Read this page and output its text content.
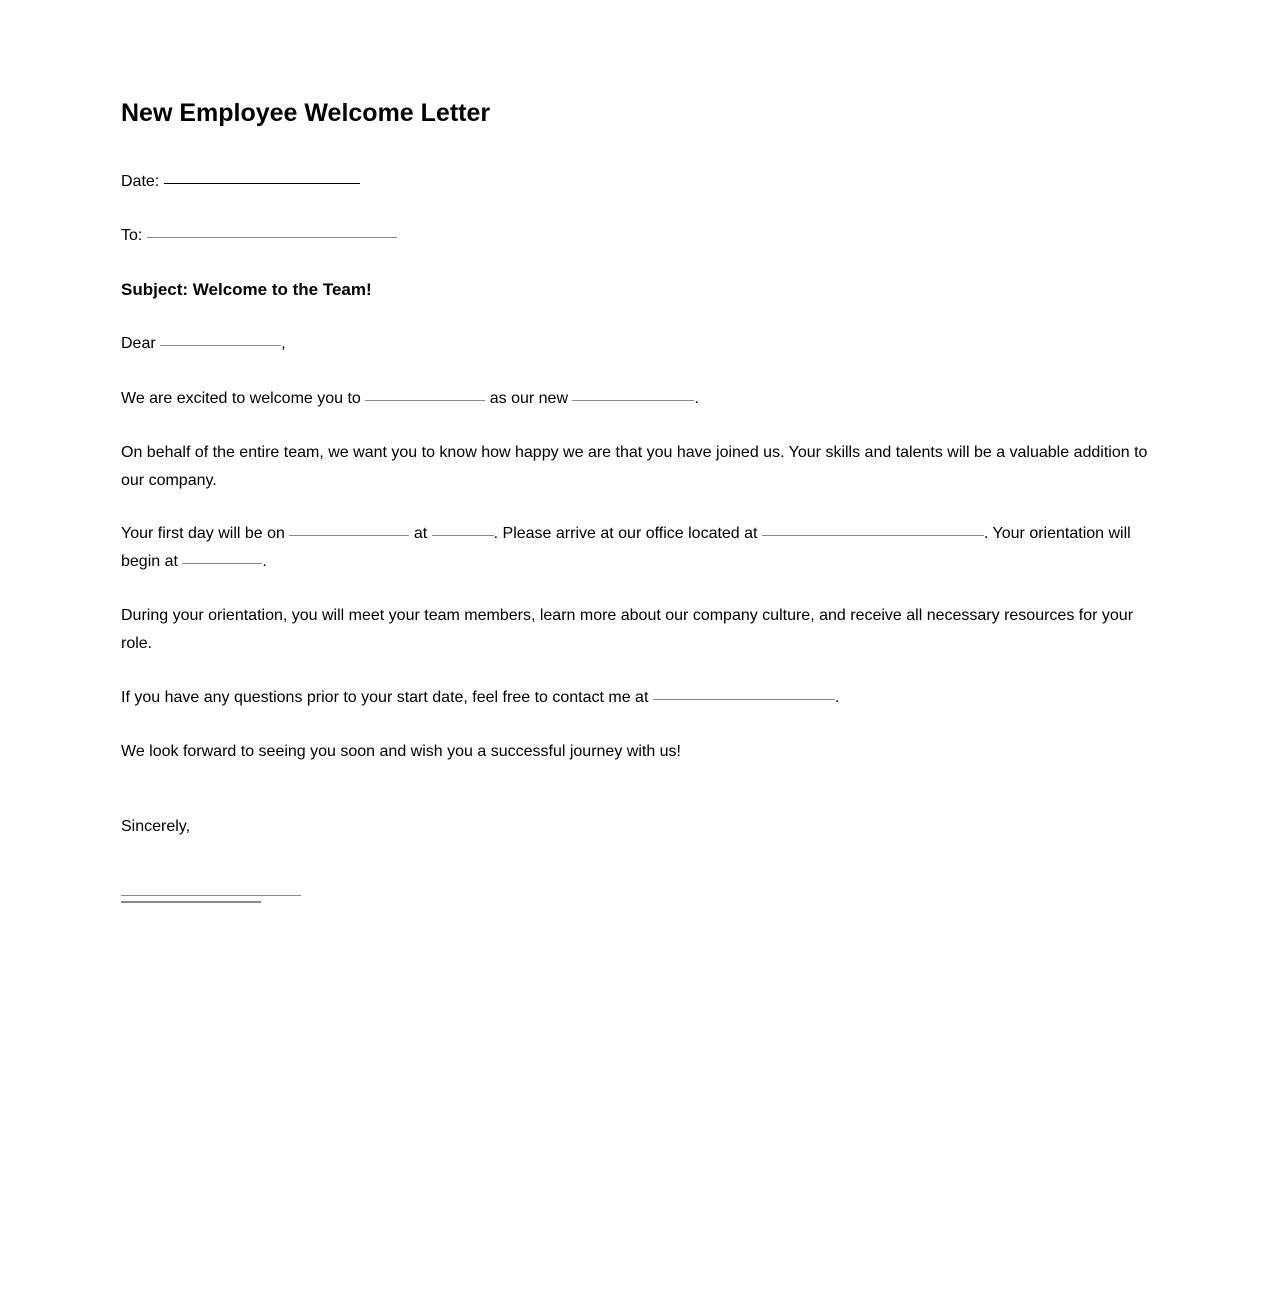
New Employee Welcome Letter

Date:

To:

Subject: Welcome to the Team!

Dear	,

We are excited to welcome you to	as our new	.

On behalf of the entire team, we want you to know how happy we are that you have joined us. Your skills and talents will be a valuable addition to our company.

Your first day will be on	at	. Please arrive at our office located at	. Your orientation will begin at	.

During your orientation, you will meet your team members, learn more about our company culture, and receive all necessary resources for your role.

If you have any questions prior to your start date, feel free to contact me at	.

We look forward to seeing you soon and wish you a successful journey with us!

Sincerely,
